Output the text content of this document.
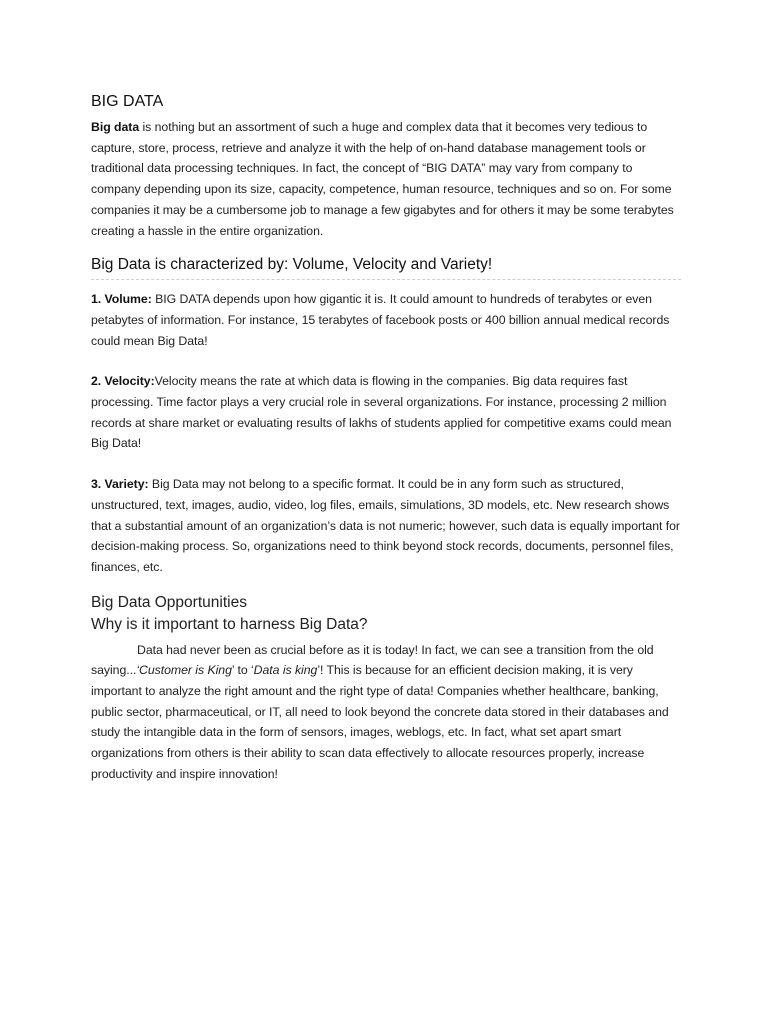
BIG DATA

Big data is nothing but an assortment of such a huge and complex data that it becomes very tedious to capture, store, process, retrieve and analyze it with the help of on-hand database management tools or traditional data processing techniques. In fact, the concept of “BIG DATA” may vary from company to company depending upon its size, capacity, competence, human resource, techniques and so on. For some companies it may be a cumbersome job to manage a few gigabytes and for others it may be some terabytes creating a hassle in the entire organization.

Big Data is characterized by: Volume, Velocity and Variety!

1. Volume: BIG DATA depends upon how gigantic it is. It could amount to hundreds of terabytes or even petabytes of information. For instance, 15 terabytes of facebook posts or 400 billion annual medical records could mean Big Data!

2. Velocity:Velocity means the rate at which data is flowing in the companies. Big data requires fast processing. Time factor plays a very crucial role in several organizations. For instance, processing 2 million records at share market or evaluating results of lakhs of students applied for competitive exams could mean Big Data!

3. Variety: Big Data may not belong to a specific format. It could be in any form such as structured, unstructured, text, images, audio, video, log files, emails, simulations, 3D models, etc. New research shows that a substantial amount of an organization’s data is not numeric; however, such data is equally important for decision-making process. So, organizations need to think beyond stock records, documents, personnel files, finances, etc.

Big Data Opportunities
Why is it important to harness Big Data?

Data had never been as crucial before as it is today! In fact, we can see a transition from the old saying...‘Customer is King’ to ‘Data is king’! This is because for an efficient decision making, it is very important to analyze the right amount and the right type of data! Companies whether healthcare, banking, public sector, pharmaceutical, or IT, all need to look beyond the concrete data stored in their databases and study the intangible data in the form of sensors, images, weblogs, etc. In fact, what set apart smart organizations from others is their ability to scan data effectively to allocate resources properly, increase productivity and inspire innovation!
